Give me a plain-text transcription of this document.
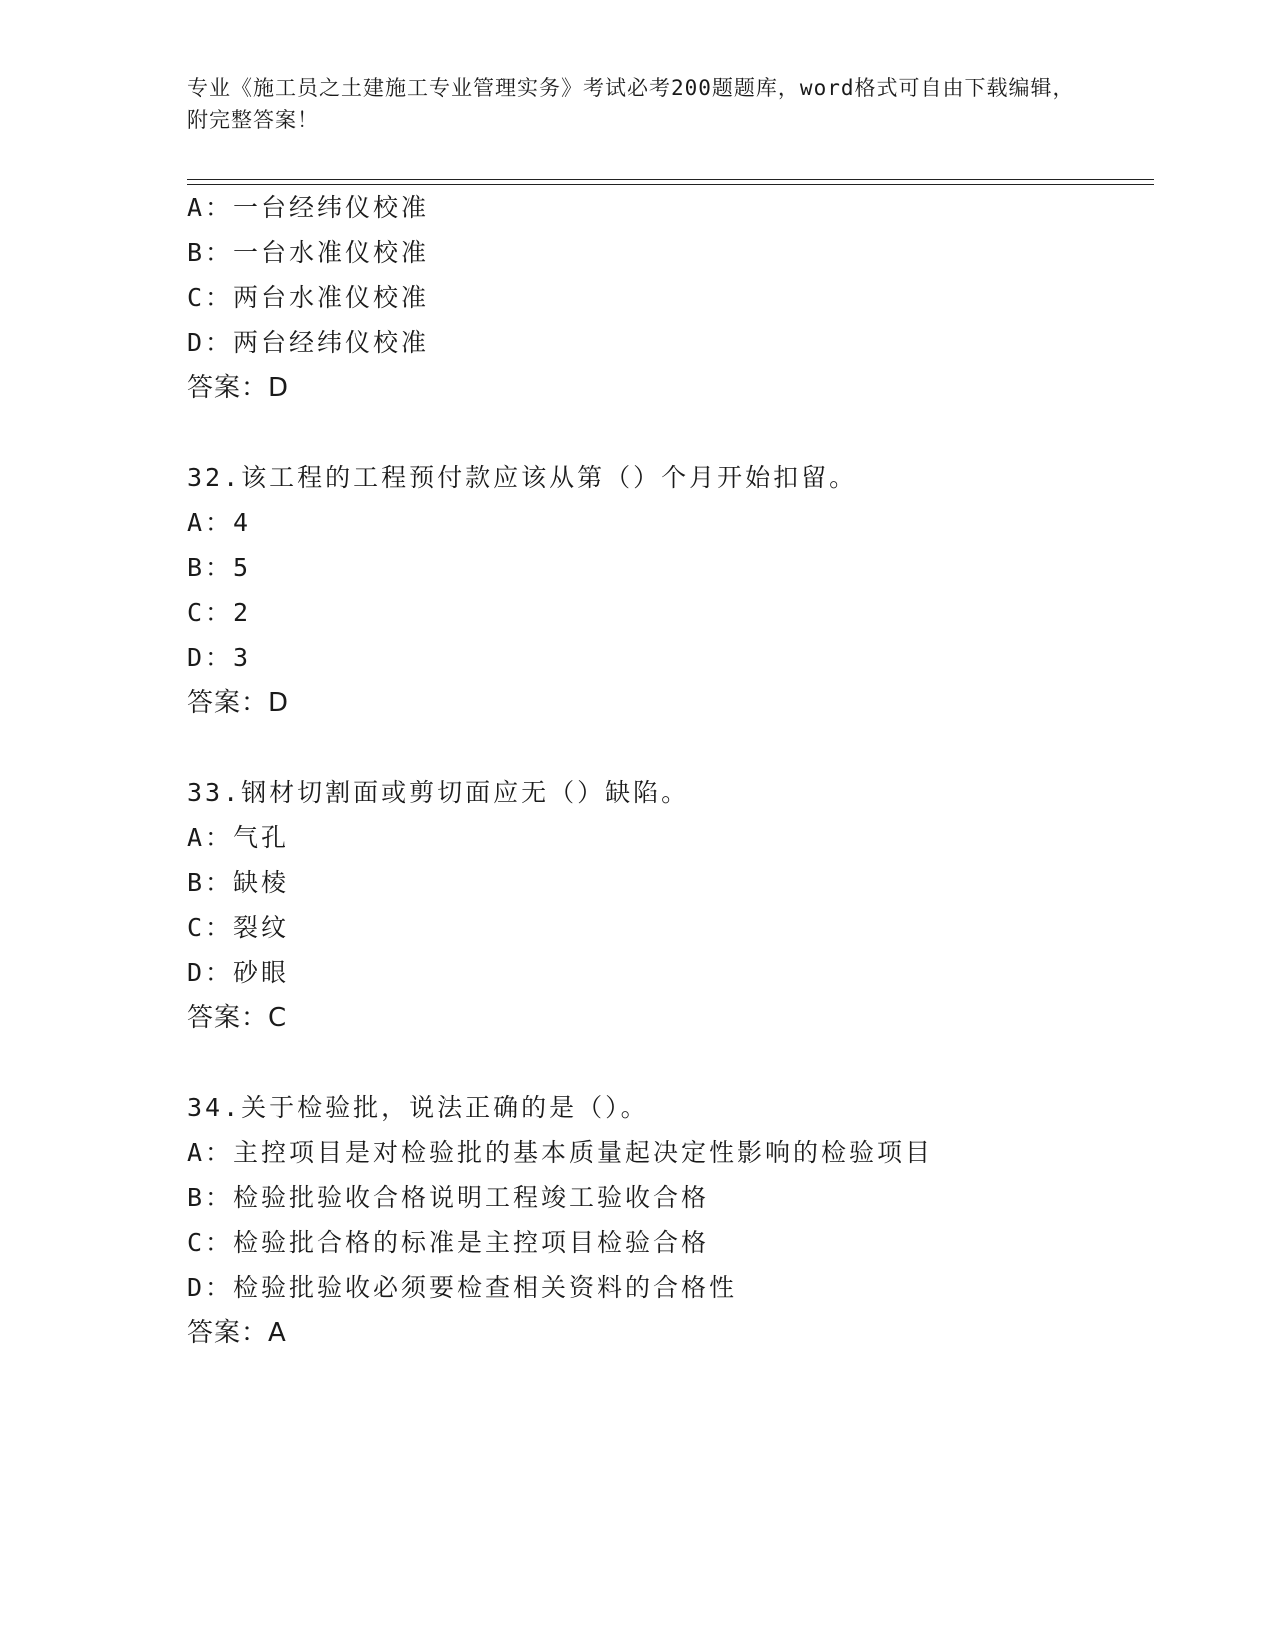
专业《施工员之土建施工专业管理实务》考试必考200题题库，word格式可自由下载编辑，附完整答案！
A：一台经纬仪校准
B：一台水准仪校准
C：两台水准仪校准
D：两台经纬仪校准
答案：D
32.该工程的工程预付款应该从第（）个月开始扣留。
A：4
B：5
C：2
D：3
答案：D
33.钢材切割面或剪切面应无（）缺陷。
A：气孔
B：缺棱
C：裂纹
D：砂眼
答案：C
34.关于检验批，说法正确的是（）。
A：主控项目是对检验批的基本质量起决定性影响的检验项目
B：检验批验收合格说明工程竣工验收合格
C：检验批合格的标准是主控项目检验合格
D：检验批验收必须要检查相关资料的合格性
答案：A
